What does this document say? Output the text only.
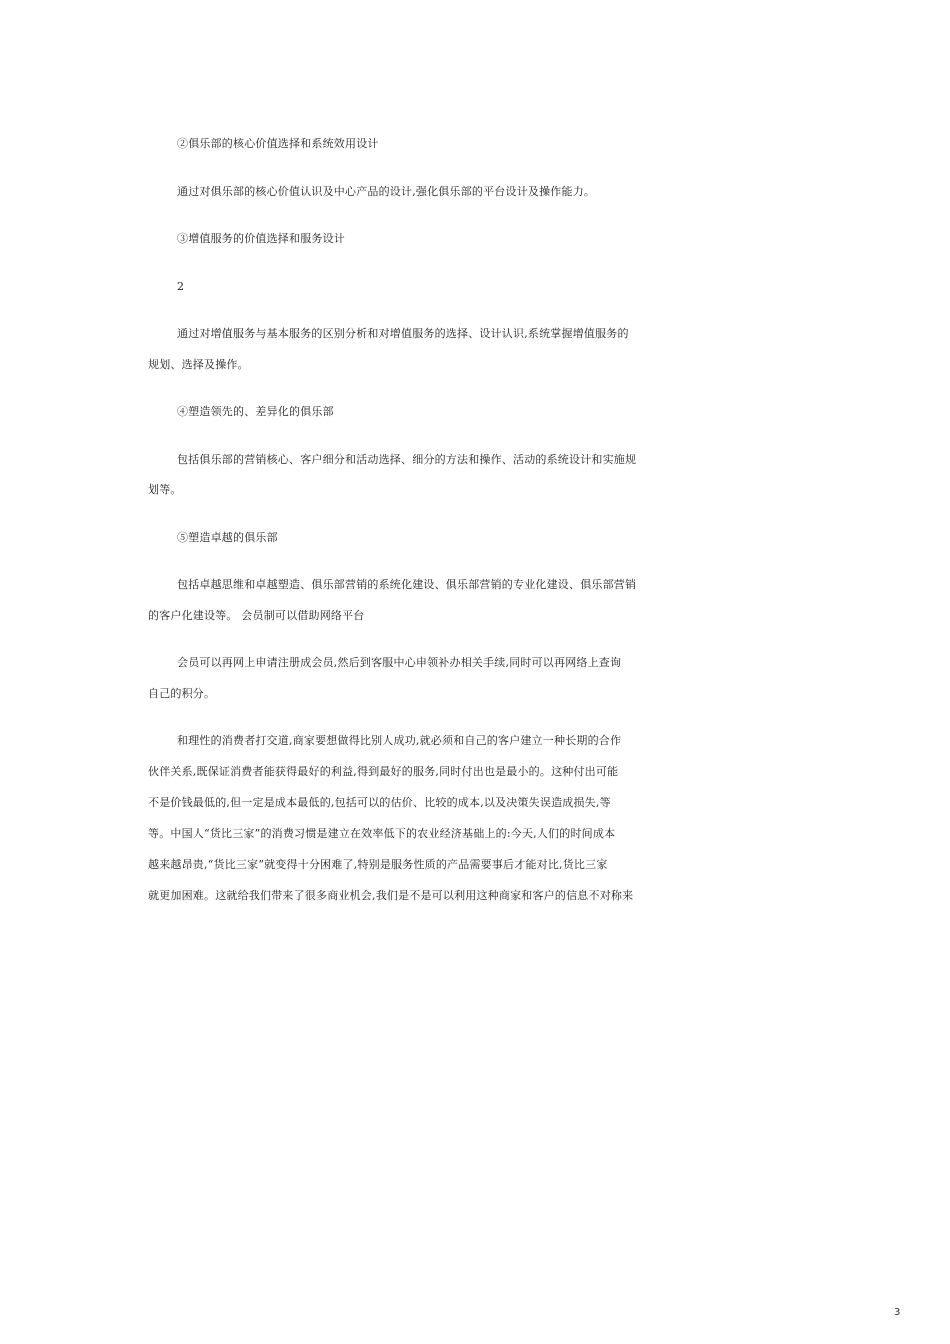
②俱乐部的核心价值选择和系统效用设计
通过对俱乐部的核心价值认识及中心产品的设计,强化俱乐部的平台设计及操作能力。
③增值服务的价值选择和服务设计
2
通过对增值服务与基本服务的区别分析和对增值服务的选择、设计认识,系统掌握增值服务的
规划、选择及操作。
④塑造领先的、差异化的俱乐部
包括俱乐部的营销核心、客户细分和活动选择、细分的方法和操作、活动的系统设计和实施规
划等。
⑤塑造卓越的俱乐部
包括卓越思维和卓越塑造、俱乐部营销的系统化建设、俱乐部营销的专业化建设、俱乐部营销
的客户化建设等。 会员制可以借助网络平台
会员可以再网上申请注册成会员,然后到客服中心申领补办相关手续,同时可以再网络上查询
自己的积分。
和理性的消费者打交道,商家要想做得比别人成功,就必须和自己的客户建立一种长期的合作
伙伴关系,既保证消费者能获得最好的利益,得到最好的服务,同时付出也是最小的。这种付出可能
不是价钱最低的,但一定是成本最低的,包括可以的估价、比较的成本,以及决策失误造成损失,等
等。中国人“货比三家”的消费习惯是建立在效率低下的农业经济基础上的:今天,人们的时间成本
越来越昂贵,“货比三家”就变得十分困难了,特别是服务性质的产品需要事后才能对比,货比三家
就更加困难。这就给我们带来了很多商业机会,我们是不是可以利用这种商家和客户的信息不对称来
3
